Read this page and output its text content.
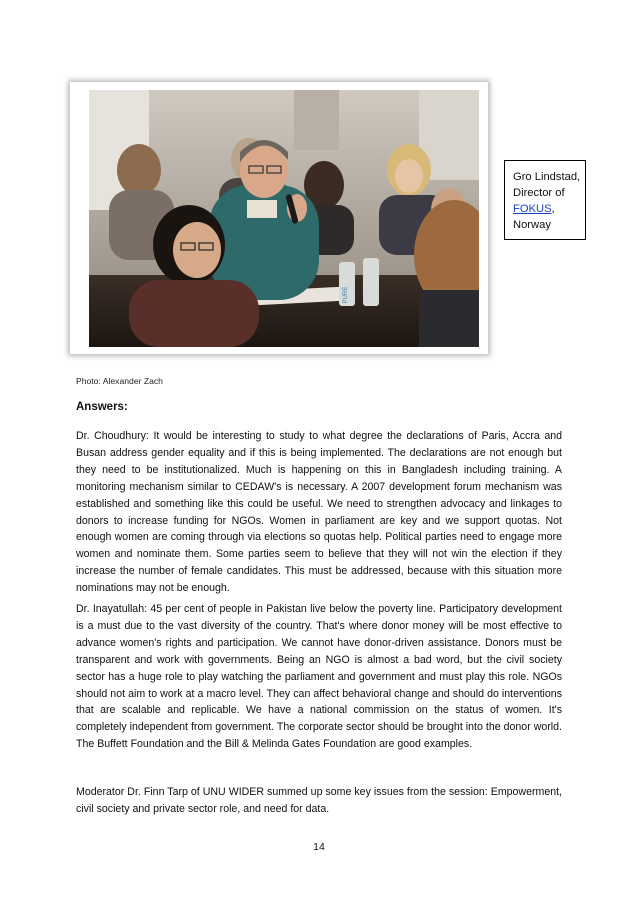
PURE
Gro Lindstad,
Director of
FOKUS,
Norway
Photo: Alexander Zach
Answers:

Dr. Choudhury: It would be interesting to study to what degree the declarations of Paris, Accra and Busan address gender equality and if this is being implemented. The declarations are not enough but they need to be institutionalized. Much is happening on this in Bangladesh including training. A monitoring mechanism similar to CEDAW's is necessary. A 2007 development forum mechanism was established and something like this could be useful. We need to strengthen advocacy and linkages to donors to increase funding for NGOs. Women in parliament are key and we support quotas. Not enough women are coming through via elections so quotas help. Political parties need to engage more women and nominate them. Some parties seem to believe that they will not win the election if they increase the number of female candidates. This must be addressed, because with this situation more nominations may not be enough.

Dr. Inayatullah: 45 per cent of people in Pakistan live below the poverty line. Participatory development is a must due to the vast diversity of the country. That's where donor money will be most effective to advance women's rights and participation. We cannot have donor-driven assistance. Donors must be transparent and work with governments. Being an NGO is almost a bad word, but the civil society sector has a huge role to play watching the parliament and government and must play this role. NGOs should not aim to work at a macro level. They can affect behavioral change and should do interventions that are scalable and replicable. We have a national commission on the status of women. It's completely independent from government. The corporate sector should be brought into the donor world. The Buffett Foundation and the Bill & Melinda Gates Foundation are good examples.

Moderator Dr. Finn Tarp of UNU WIDER summed up some key issues from the session: Empowerment, civil society and private sector role, and need for data.

14
